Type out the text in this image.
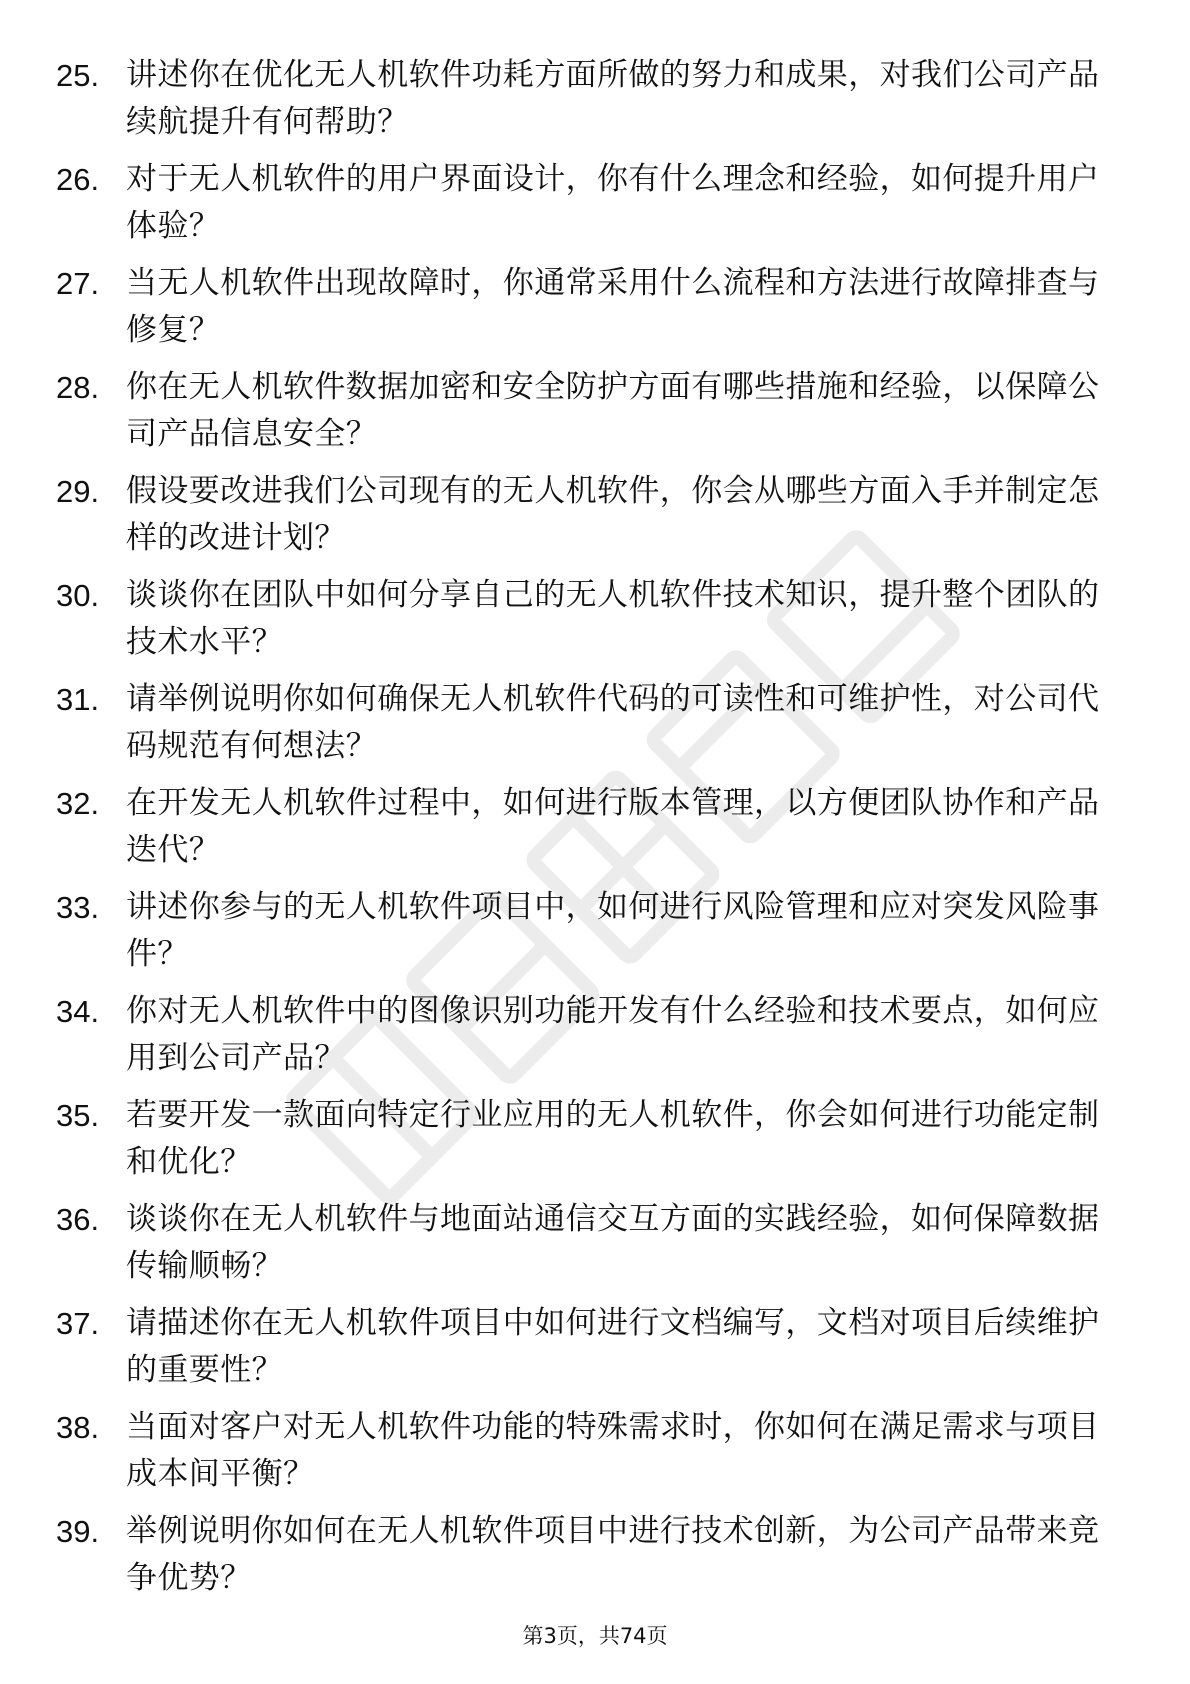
25. 讲述你在优化无人机软件功耗方面所做的努力和成果，对我们公司产品续航提升有何帮助？
26. 对于无人机软件的用户界面设计，你有什么理念和经验，如何提升用户体验？
27. 当无人机软件出现故障时，你通常采用什么流程和方法进行故障排查与修复？
28. 你在无人机软件数据加密和安全防护方面有哪些措施和经验，以保障公司产品信息安全？
29. 假设要改进我们公司现有的无人机软件，你会从哪些方面入手并制定怎样的改进计划？
30. 谈谈你在团队中如何分享自己的无人机软件技术知识，提升整个团队的技术水平？
31. 请举例说明你如何确保无人机软件代码的可读性和可维护性，对公司代码规范有何想法？
32. 在开发无人机软件过程中，如何进行版本管理，以方便团队协作和产品迭代？
33. 讲述你参与的无人机软件项目中，如何进行风险管理和应对突发风险事件？
34. 你对无人机软件中的图像识别功能开发有什么经验和技术要点，如何应用到公司产品？
35. 若要开发一款面向特定行业应用的无人机软件，你会如何进行功能定制和优化？
36. 谈谈你在无人机软件与地面站通信交互方面的实践经验，如何保障数据传输顺畅？
37. 请描述你在无人机软件项目中如何进行文档编写，文档对项目后续维护的重要性？
38. 当面对客户对无人机软件功能的特殊需求时，你如何在满足需求与项目成本间平衡？
39. 举例说明你如何在无人机软件项目中进行技术创新，为公司产品带来竞争优势？
第3页，共74页
